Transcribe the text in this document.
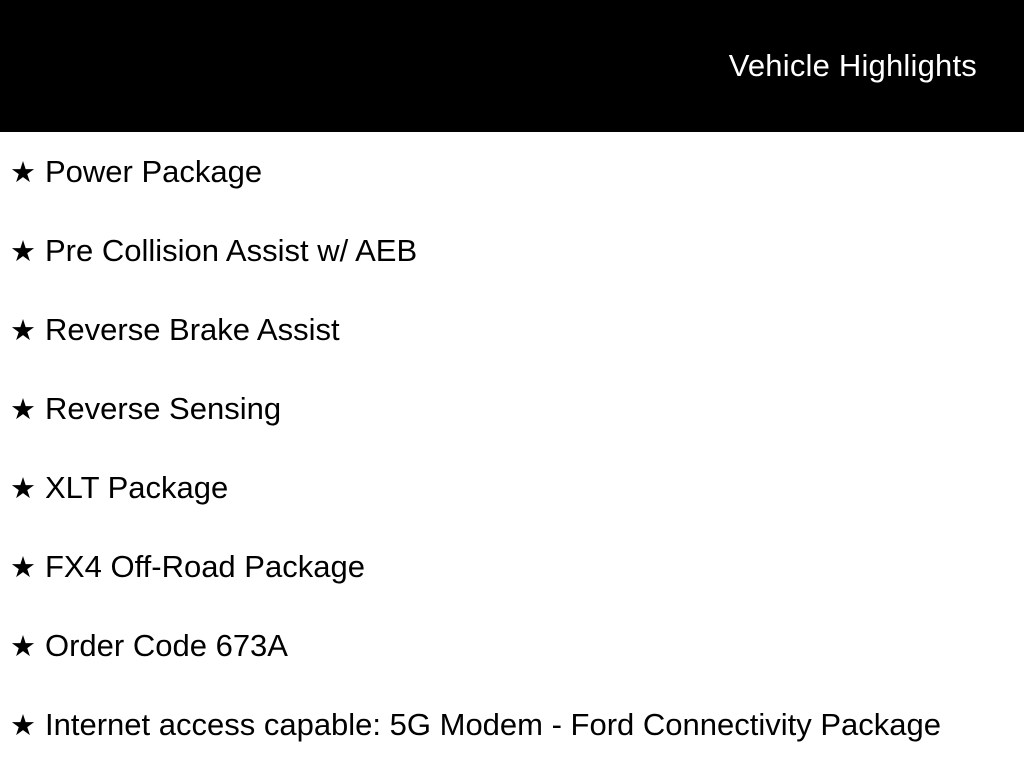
Vehicle Highlights
★ Power Package
★ Pre Collision Assist w/ AEB
★ Reverse Brake Assist
★ Reverse Sensing
★ XLT Package
★ FX4 Off-Road Package
★ Order Code 673A
★ Internet access capable: 5G Modem - Ford Connectivity Package
